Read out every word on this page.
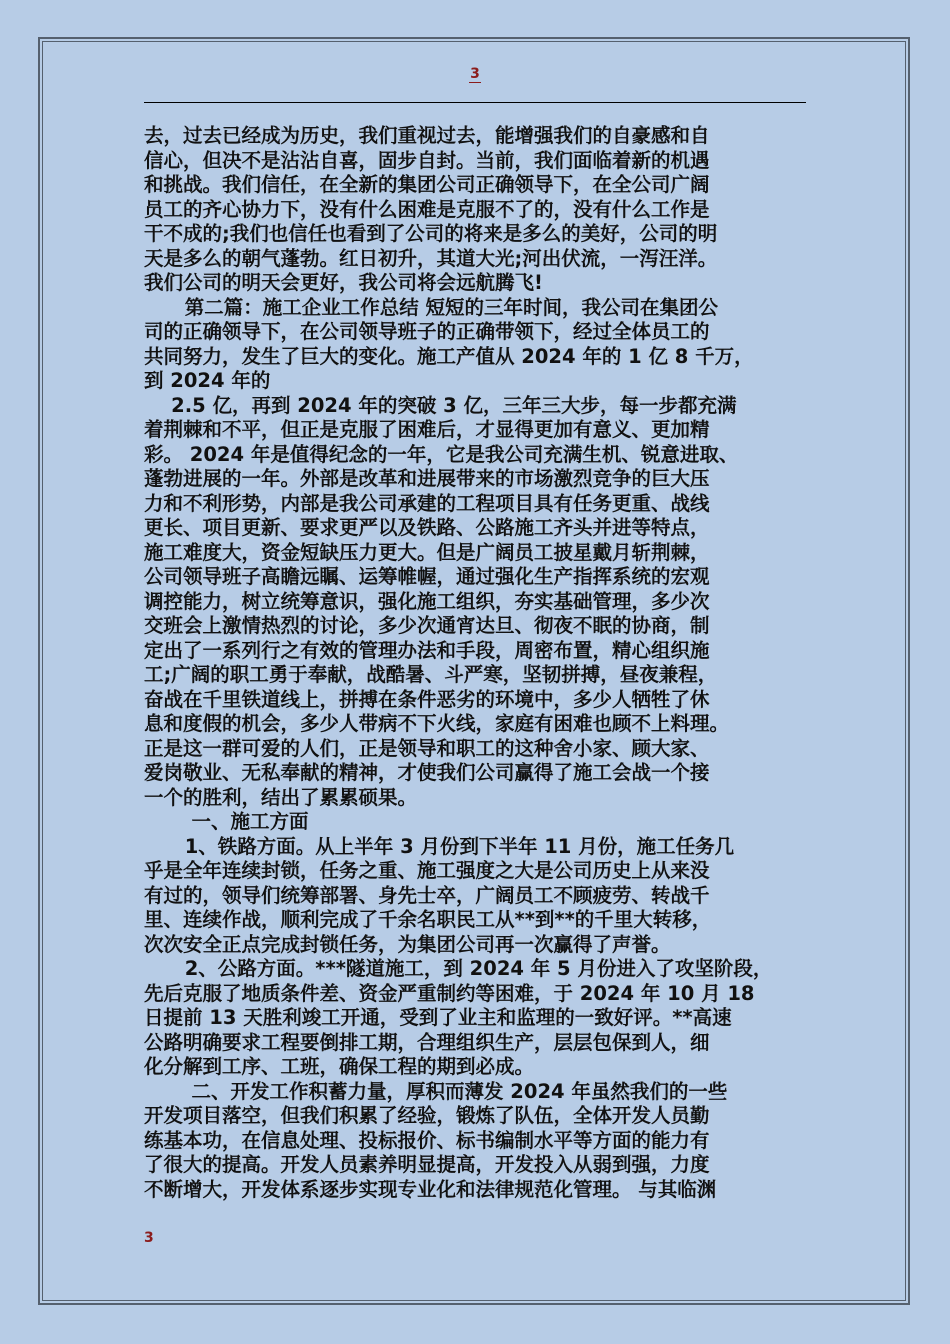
3
去，过去已经成为历史，我们重视过去，能增强我们的自豪感和自
信心，但决不是沾沾自喜，固步自封。当前，我们面临着新的机遇
和挑战。我们信任，在全新的集团公司正确领导下，在全公司广阔
员工的齐心协力下，没有什么困难是克服不了的，没有什么工作是
干不成的;我们也信任也看到了公司的将来是多么的美好，公司的明
天是多么的朝气蓬勃。红日初升，其道大光;河出伏流，一泻汪洋。
我们公司的明天会更好，我公司将会远航腾飞!
第二篇：施工企业工作总结 短短的三年时间，我公司在集团公
司的正确领导下，在公司领导班子的正确带领下，经过全体员工的
共同努力，发生了巨大的变化。施工产值从 2024 年的 1 亿 8 千万，
到 2024 年的
2.5 亿，再到 2024 年的突破 3 亿，三年三大步，每一步都充满
着荆棘和不平，但正是克服了困难后，才显得更加有意义、更加精
彩。 2024 年是值得纪念的一年，它是我公司充满生机、锐意进取、
蓬勃进展的一年。外部是改革和进展带来的市场激烈竞争的巨大压
力和不利形势，内部是我公司承建的工程项目具有任务更重、战线
更长、项目更新、要求更严以及铁路、公路施工齐头并进等特点，
施工难度大，资金短缺压力更大。但是广阔员工披星戴月斩荆棘，
公司领导班子高瞻远瞩、运筹帷幄，通过强化生产指挥系统的宏观
调控能力，树立统筹意识，强化施工组织，夯实基础管理，多少次
交班会上激情热烈的讨论，多少次通宵达旦、彻夜不眠的协商，制
定出了一系列行之有效的管理办法和手段，周密布置，精心组织施
工;广阔的职工勇于奉献，战酷暑、斗严寒，坚韧拼搏，昼夜兼程，
奋战在千里铁道线上，拼搏在条件恶劣的环境中，多少人牺牲了休
息和度假的机会，多少人带病不下火线，家庭有困难也顾不上料理。
正是这一群可爱的人们，正是领导和职工的这种舍小家、顾大家、
爱岗敬业、无私奉献的精神，才使我们公司赢得了施工会战一个接
一个的胜利，结出了累累硕果。
一、施工方面
1、铁路方面。从上半年 3 月份到下半年 11 月份，施工任务几
乎是全年连续封锁，任务之重、施工强度之大是公司历史上从来没
有过的，领导们统筹部署、身先士卒，广阔员工不顾疲劳、转战千
里、连续作战，顺利完成了千余名职民工从**到**的千里大转移，
次次安全正点完成封锁任务，为集团公司再一次赢得了声誉。
2、公路方面。***隧道施工，到 2024 年 5 月份进入了攻坚阶段，
先后克服了地质条件差、资金严重制约等困难，于 2024 年 10 月 18
日提前 13 天胜利竣工开通，受到了业主和监理的一致好评。**高速
公路明确要求工程要倒排工期，合理组织生产，层层包保到人，细
化分解到工序、工班，确保工程的期到必成。
二、开发工作积蓄力量，厚积而薄发 2024 年虽然我们的一些
开发项目落空，但我们积累了经验，锻炼了队伍，全体开发人员勤
练基本功，在信息处理、投标报价、标书编制水平等方面的能力有
了很大的提高。开发人员素养明显提高，开发投入从弱到强，力度
不断增大，开发体系逐步实现专业化和法律规范化管理。 与其临渊
3
